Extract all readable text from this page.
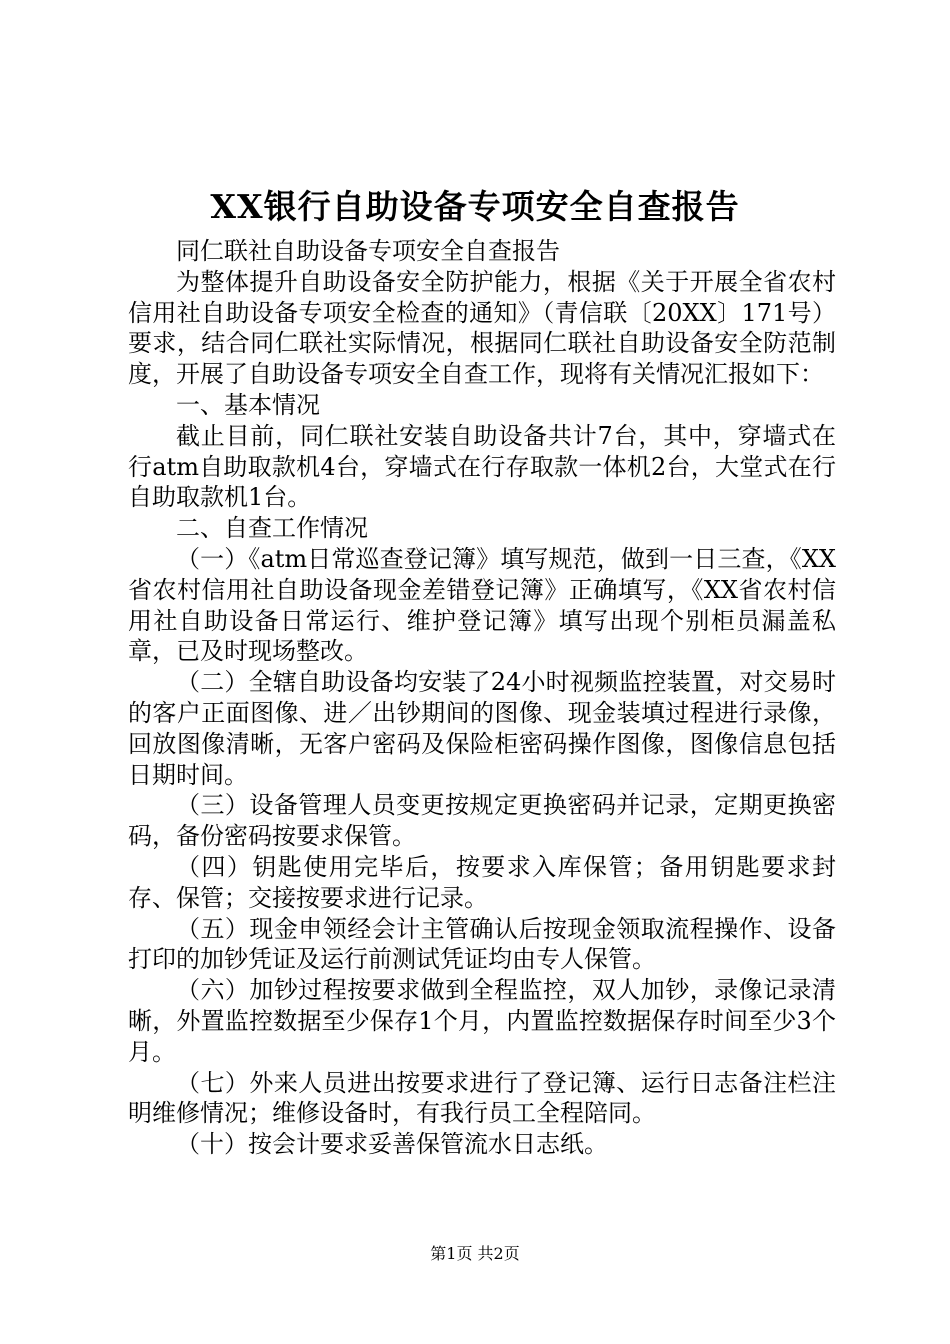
XX银行自助设备专项安全自查报告

同仁联社自助设备专项安全自查报告

为整体提升自助设备安全防护能力，根据《关于开展全省农村信用社自助设备专项安全检查的通知》（青信联〔20XX〕171号）要求，结合同仁联社实际情况，根据同仁联社自助设备安全防范制度，开展了自助设备专项安全自查工作，现将有关情况汇报如下：

一、基本情况

截止目前，同仁联社安装自助设备共计7台，其中，穿墙式在行atm自助取款机4台，穿墙式在行存取款一体机2台，大堂式在行自助取款机1台。

二、自查工作情况

（一）《atm日常巡查登记簿》填写规范，做到一日三查，《XX省农村信用社自助设备现金差错登记簿》正确填写，《XX省农村信用社自助设备日常运行、维护登记簿》填写出现个别柜员漏盖私章，已及时现场整改。

（二）全辖自助设备均安装了24小时视频监控装置，对交易时的客户正面图像、进／出钞期间的图像、现金装填过程进行录像，回放图像清晰，无客户密码及保险柜密码操作图像，图像信息包括日期时间。

（三）设备管理人员变更按规定更换密码并记录，定期更换密码，备份密码按要求保管。

（四）钥匙使用完毕后，按要求入库保管；备用钥匙要求封存、保管；交接按要求进行记录。

（五）现金申领经会计主管确认后按现金领取流程操作、设备打印的加钞凭证及运行前测试凭证均由专人保管。

（六）加钞过程按要求做到全程监控，双人加钞，录像记录清晰，外置监控数据至少保存1个月，内置监控数据保存时间至少3个月。

（七）外来人员进出按要求进行了登记簿、运行日志备注栏注明维修情况；维修设备时，有我行员工全程陪同。

（十）按会计要求妥善保管流水日志纸。

第1页 共2页
